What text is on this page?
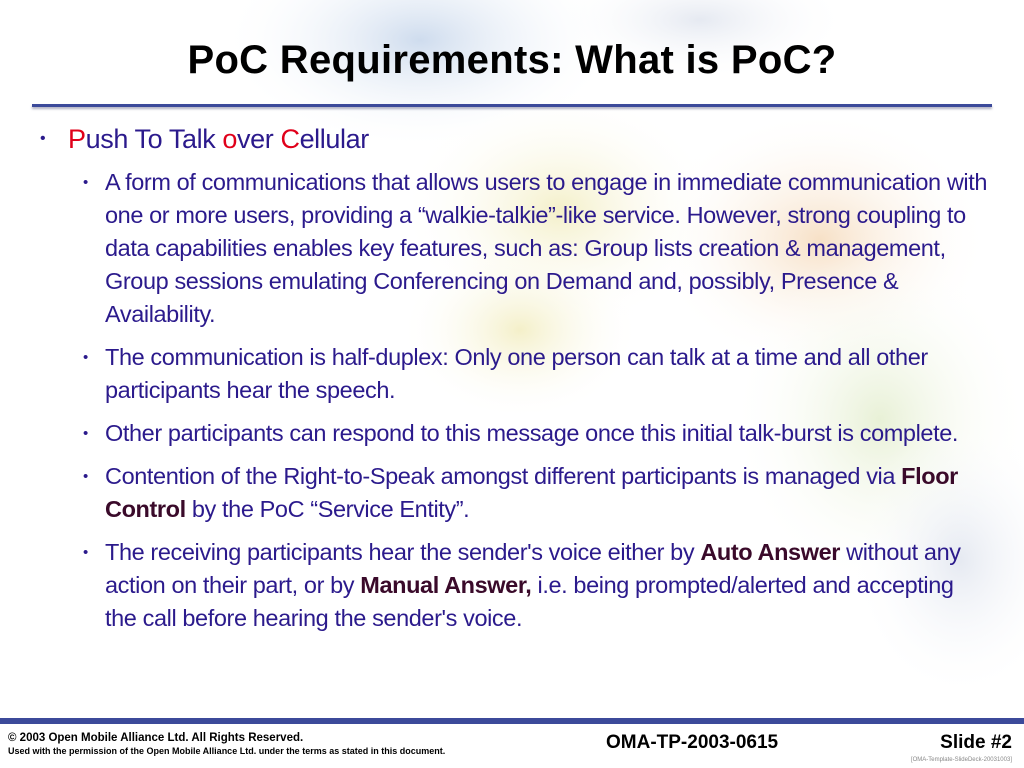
PoC Requirements: What is PoC?
• Push To Talk over Cellular
• A form of communications that allows users to engage in immediate communication with one or more users, providing a “walkie-talkie”-like service. However, strong coupling to data capabilities enables key features, such as: Group lists creation & management, Group sessions emulating Conferencing on Demand and, possibly, Presence & Availability.
• The communication is half-duplex: Only one person can talk at a time and all other participants hear the speech.
• Other participants can respond to this message once this initial talk-burst is complete.
• Contention of the Right-to-Speak amongst different participants is managed via Floor Control by the PoC “Service Entity”.
• The receiving participants hear the sender's voice either by Auto Answer without any action on their part, or by Manual Answer, i.e. being prompted/alerted and accepting the call before hearing the sender's voice.
© 2003 Open Mobile Alliance Ltd. All Rights Reserved.
Used with the permission of the Open Mobile Alliance Ltd. under the terms as stated in this document.	OMA-TP-2003-0615	Slide #2
[OMA-Template-SlideDeck-20031003]
